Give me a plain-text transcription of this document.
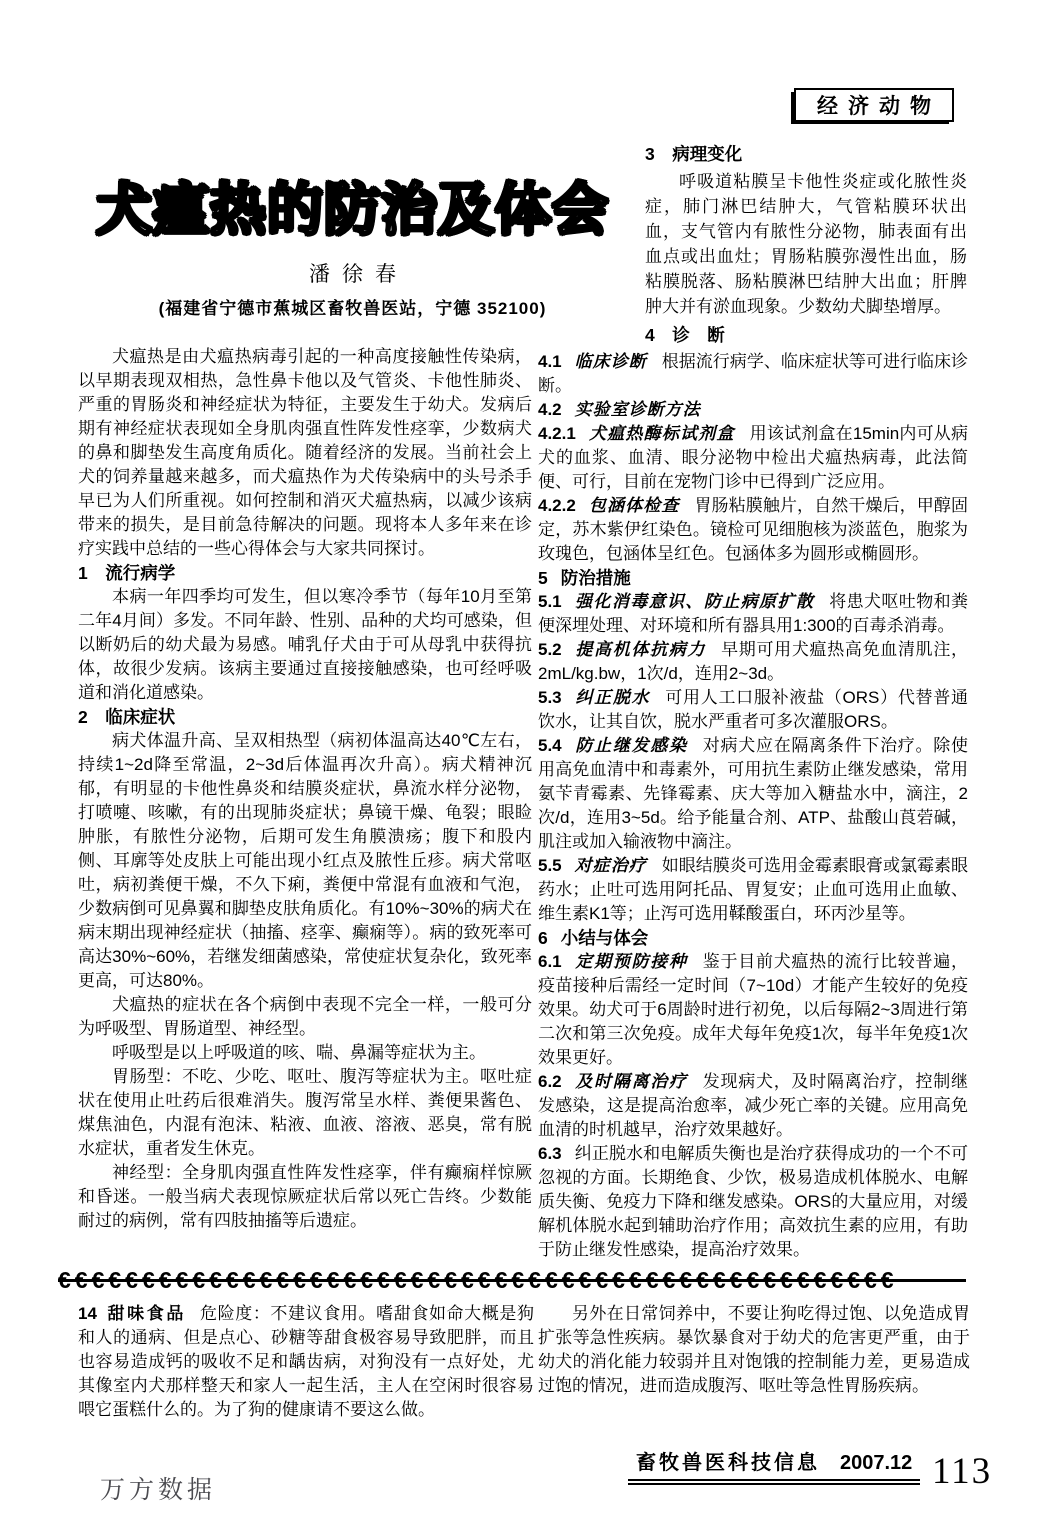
经济动物
犬瘟热的防治及体会
潘徐春
(福建省宁德市蕉城区畜牧兽医站，宁德 352100)

3　病理变化

呼吸道粘膜呈卡他性炎症或化脓性炎症，肺门淋巴结肿大，气管粘膜环状出血，支气管内有脓性分泌物，肺表面有出血点或出血灶；胃肠粘膜弥漫性出血，肠粘膜脱落、肠粘膜淋巴结肿大出血；肝脾肿大并有淤血现象。少数幼犬脚垫增厚。

4　诊　断

犬瘟热是由犬瘟热病毒引起的一种高度接触性传染病，以早期表现双相热，急性鼻卡他以及气管炎、卡他性肺炎、严重的胃肠炎和神经症状为特征，主要发生于幼犬。发病后期有神经症状表现如全身肌肉强直性阵发性痉挛，少数病犬的鼻和脚垫发生高度角质化。随着经济的发展。当前社会上犬的饲养量越来越多，而犬瘟热作为犬传染病中的头号杀手早已为人们所重视。如何控制和消灭犬瘟热病，以减少该病带来的损失，是目前急待解决的问题。现将本人多年来在诊疗实践中总结的一些心得体会与大家共同探讨。

1　流行病学

本病一年四季均可发生，但以寒冷季节（每年10月至第二年4月间）多发。不同年龄、性别、品种的犬均可感染，但以断奶后的幼犬最为易感。哺乳仔犬由于可从母乳中获得抗体，故很少发病。该病主要通过直接接触感染，也可经呼吸道和消化道感染。

2　临床症状

病犬体温升高、呈双相热型（病初体温高达40℃左右，持续1~2d降至常温，2~3d后体温再次升高）。病犬精神沉郁，有明显的卡他性鼻炎和结膜炎症状，鼻流水样分泌物，打喷嚏、咳嗽，有的出现肺炎症状；鼻镜干燥、龟裂；眼睑肿胀，有脓性分泌物，后期可发生角膜溃疡；腹下和股内侧、耳廓等处皮肤上可能出现小红点及脓性丘疹。病犬常呕吐，病初粪便干燥，不久下痢，粪便中常混有血液和气泡，少数病倒可见鼻翼和脚垫皮肤角质化。有10%~30%的病犬在病末期出现神经症状（抽搐、痉挛、癫痫等）。病的致死率可高达30%~60%，若继发细菌感染，常使症状复杂化，致死率更高，可达80%。

犬瘟热的症状在各个病倒中表现不完全一样，一般可分为呼吸型、胃肠道型、神经型。

呼吸型是以上呼吸道的咳、喘、鼻漏等症状为主。

胃肠型：不吃、少吃、呕吐、腹泻等症状为主。呕吐症状在使用止吐药后很难消失。腹泻常呈水样、粪便果酱色、煤焦油色，内混有泡沫、粘液、血液、溶液、恶臭，常有脱水症状，重者发生休克。

神经型：全身肌肉强直性阵发性痉挛，伴有癫痫样惊厥和昏迷。一般当病犬表现惊厥症状后常以死亡告终。少数能耐过的病例，常有四肢抽搐等后遗症。

4.1 临床诊断 根据流行病学、临床症状等可进行临床诊断。

4.2 实验室诊断方法

4.2.1 犬瘟热酶标试剂盒 用该试剂盒在15min内可从病犬的血浆、血清、眼分泌物中检出犬瘟热病毒，此法简便、可行，目前在宠物门诊中已得到广泛应用。

4.2.2 包涵体检查 胃肠粘膜触片，自然干燥后，甲醇固定，苏木紫伊红染色。镜检可见细胞核为淡蓝色，胞浆为玫瑰色，包涵体呈红色。包涵体多为圆形或椭圆形。

5 防治措施

5.1 强化消毒意识、防止病原扩散 将患犬呕吐物和粪便深埋处理、对环境和所有器具用1:300的百毒杀消毒。

5.2 提高机体抗病力 早期可用犬瘟热高免血清肌注，2mL/kg.bw，1次/d，连用2~3d。

5.3 纠正脱水 可用人工口服补液盐（ORS）代替普通饮水，让其自饮，脱水严重者可多次灌服ORS。

5.4 防止继发感染 对病犬应在隔离条件下治疗。除使用高免血清中和毒素外，可用抗生素防止继发感染，常用氨苄青霉素、先锋霉素、庆大等加入糖盐水中，滴注，2次/d，连用3~5d。给予能量合剂、ATP、盐酸山莨菪碱，肌注或加入输液物中滴注。

5.5 对症治疗 如眼结膜炎可选用金霉素眼膏或氯霉素眼药水；止吐可选用阿托品、胃复安；止血可选用止血敏、维生素K1等；止泻可选用鞣酸蛋白，环丙沙星等。

6 小结与体会

6.1 定期预防接种 鉴于目前犬瘟热的流行比较普遍，疫苗接种后需经一定时间（7~10d）才能产生较好的免疫效果。幼犬可于6周龄时进行初免，以后每隔2~3周进行第二次和第三次免疫。成年犬每年免疫1次，每半年免疫1次效果更好。

6.2 及时隔离治疗 发现病犬，及时隔离治疗，控制继发感染，这是提高治愈率，减少死亡率的关键。应用高免血清的时机越早，治疗效果越好。

6.3 纠正脱水和电解质失衡也是治疗获得成功的一个不可忽视的方面。长期绝食、少饮，极易造成机体脱水、电解质失衡、免疫力下降和继发感染。ORS的大量应用，对缓解机体脱水起到辅助治疗作用；高效抗生素的应用，有助于防止继发性感染，提高治疗效果。

€€€€€€€€€€€€€€€€€€€€€€€€€€€€€€€€€€€€€€€€€€€€€€€€€€

14 甜味食品 危险度：不建议食用。嗜甜食如命大概是狗和人的通病、但是点心、砂糖等甜食极容易导致肥胖，而且也容易造成钙的吸收不足和龋齿病，对狗没有一点好处，尤其像室内犬那样整天和家人一起生活，主人在空闲时很容易喂它蛋糕什么的。为了狗的健康请不要这么做。

另外在日常饲养中，不要让狗吃得过饱、以免造成胃扩张等急性疾病。暴饮暴食对于幼犬的危害更严重，由于幼犬的消化能力较弱并且对饱饿的控制能力差，更易造成过饱的情况，进而造成腹泻、呕吐等急性胃肠疾病。

万方数据
畜牧兽医科技信息 2007.12 113
